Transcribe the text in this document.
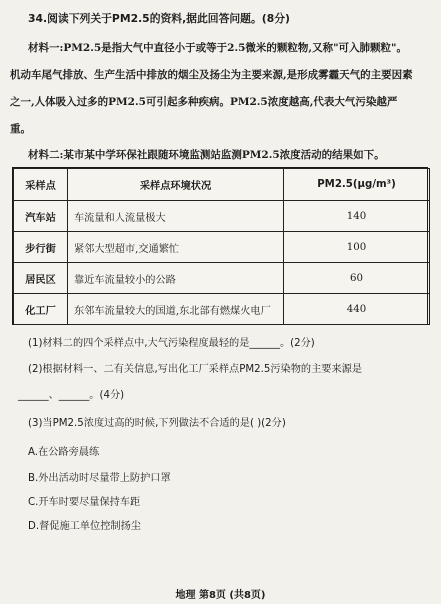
34.阅读下列关于PM2.5的资料,据此回答问题。(8分)
材料一:PM2.5是指大气中直径小于或等于2.5微米的颗粒物,又称"可入肺颗粒"。
机动车尾气排放、生产生活中排放的烟尘及扬尘为主要来源,是形成雾霾天气的主要因素
之一,人体吸入过多的PM2.5可引起多种疾病。PM2.5浓度越高,代表大气污染越严
重。
材料二:某市某中学环保社跟随环境监测站监测PM2.5浓度活动的结果如下。
采样点	采样点环境状况	PM2.5(μg/m³)
汽车站	车流量和人流量极大	140
步行街	紧邻大型超市,交通繁忙	100
居民区	靠近车流量较小的公路	60
化工厂	东邻车流量较大的国道,东北部有燃煤火电厂	440
(1)材料二的四个采样点中,大气污染程度最轻的是______。(2分)
(2)根据材料一、二有关信息,写出化工厂采样点PM2.5污染物的主要来源是
______、______。(4分)
(3)当PM2.5浓度过高的时候,下列做法不合适的是( )(2分)
A.在公路旁晨练
B.外出活动时尽量带上防护口罩
C.开车时要尽量保持车距
D.督促施工单位控制扬尘
地理 第8页 (共8页)
